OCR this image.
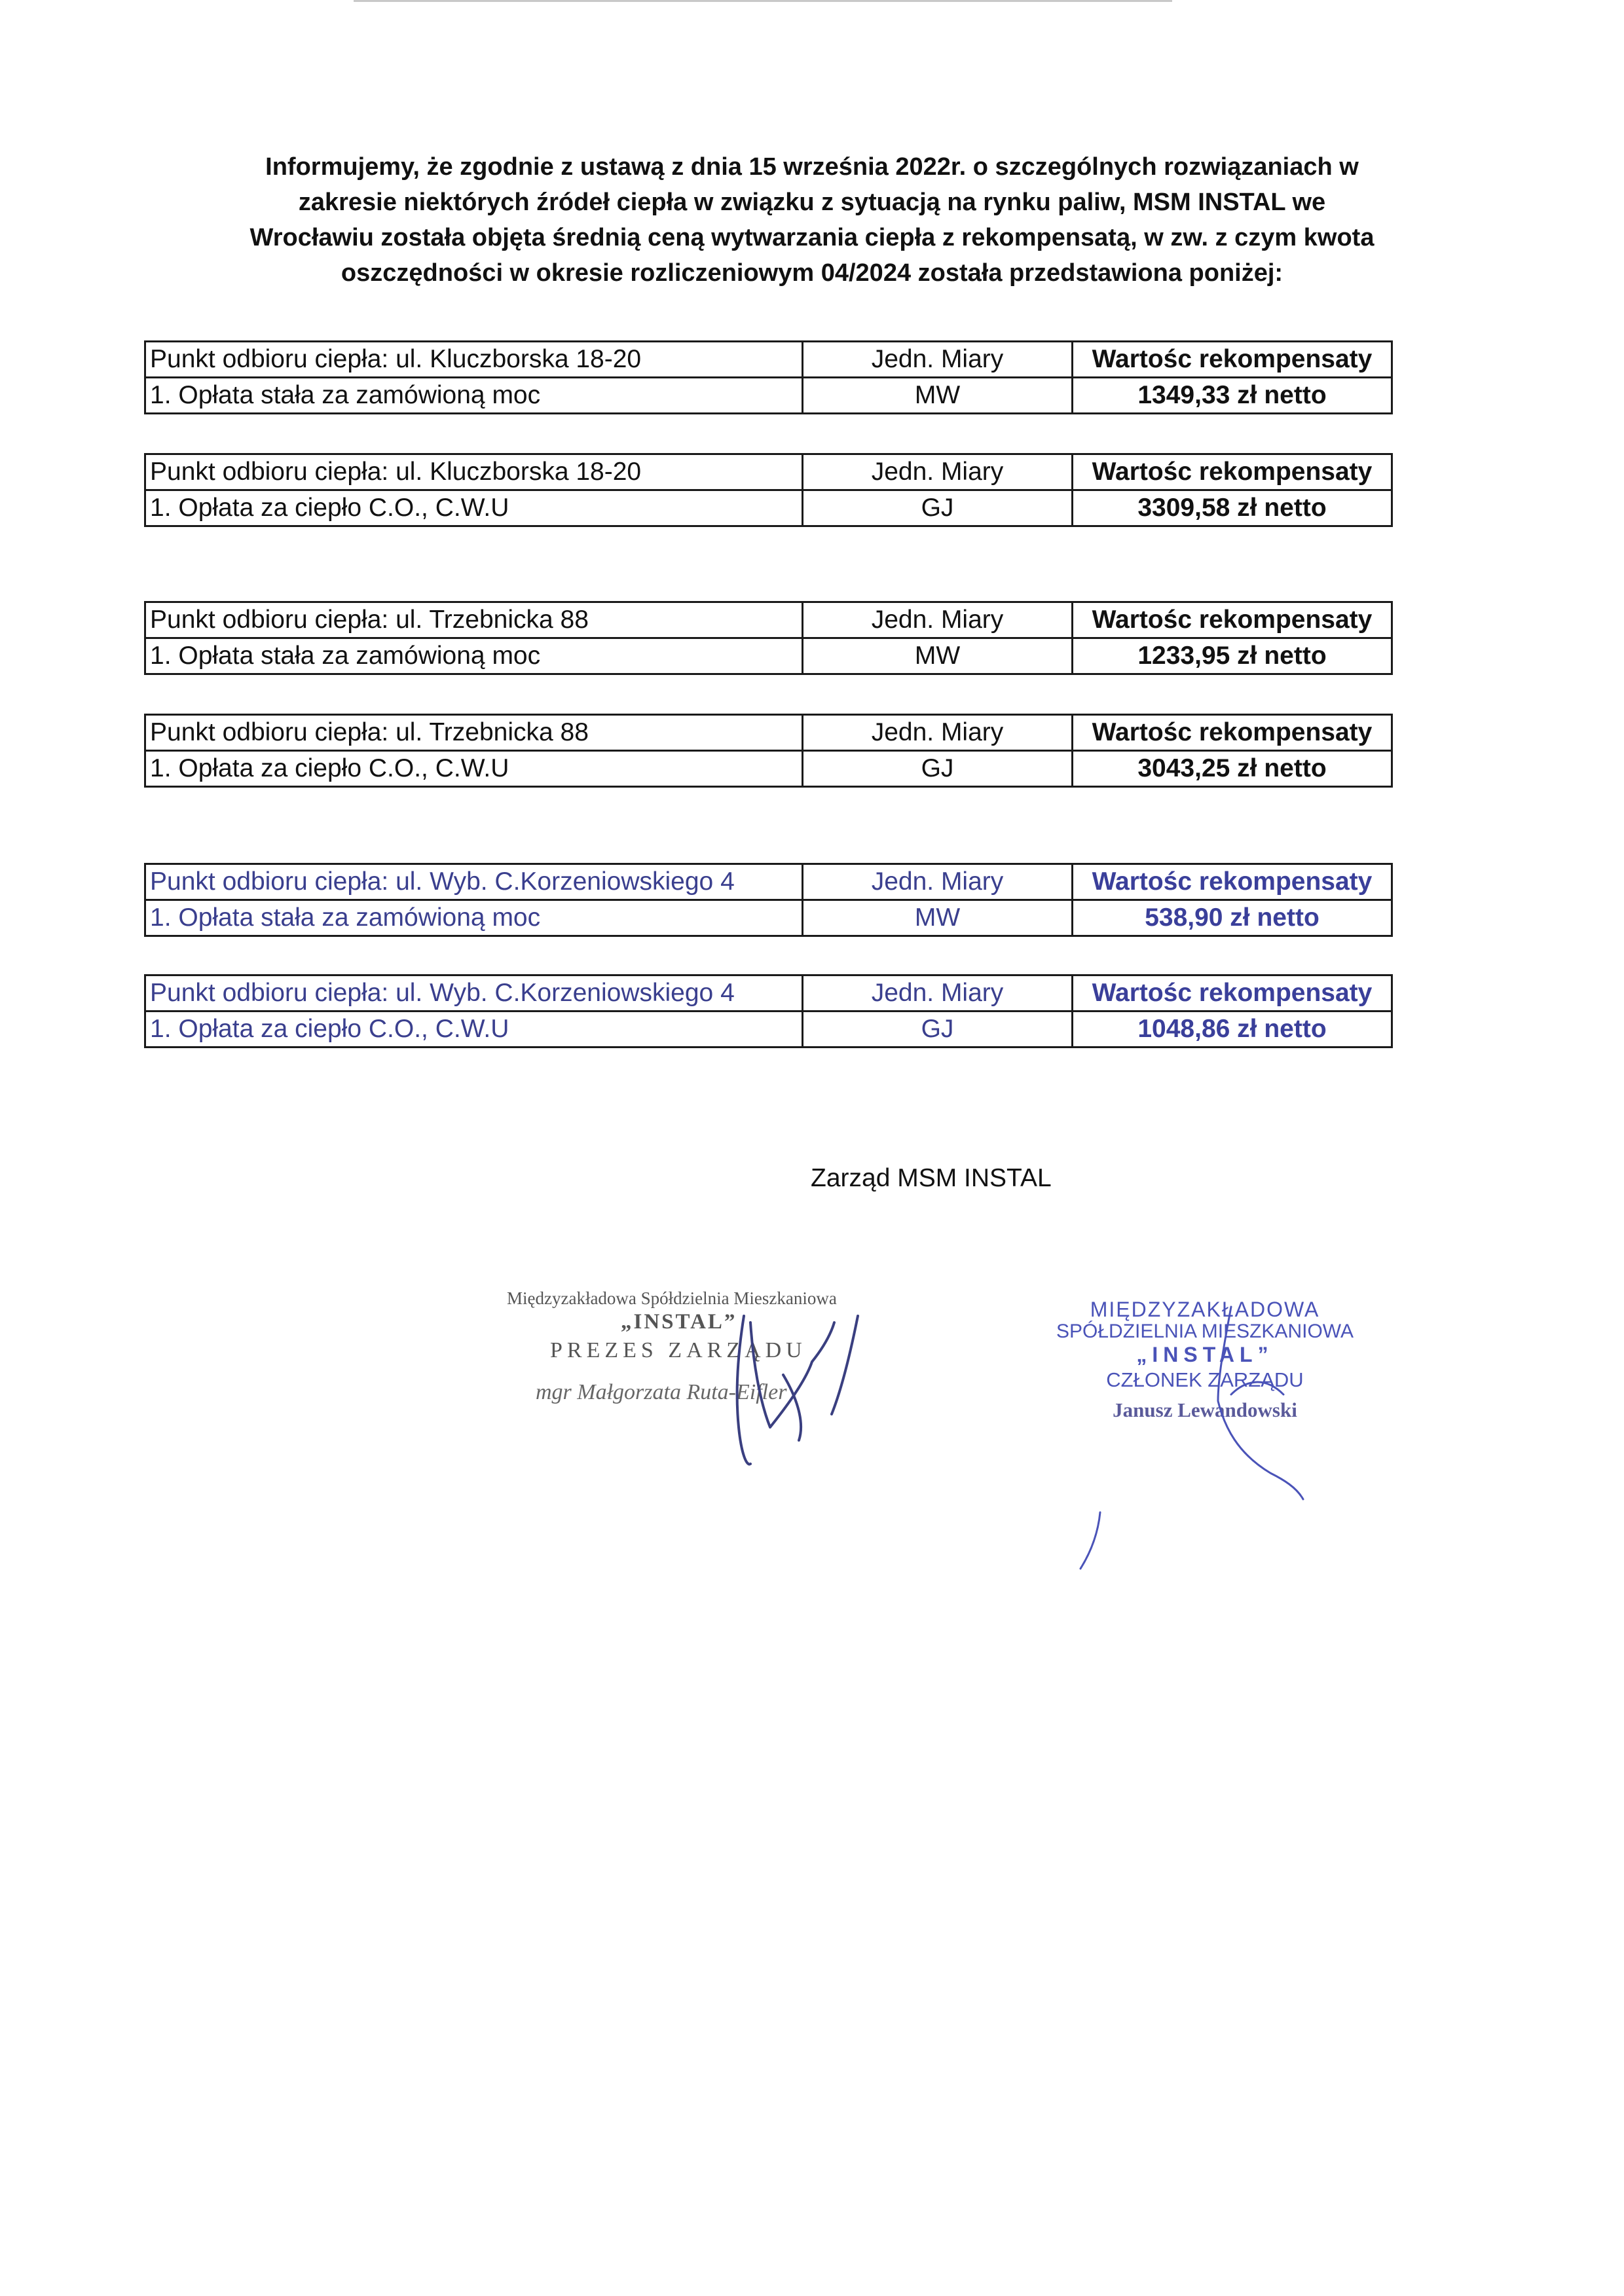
Informujemy, że zgodnie z ustawą z dnia 15 września 2022r. o szczególnych rozwiązaniach w
zakresie niektórych źródeł ciepła w związku z sytuacją na rynku paliw, MSM INSTAL we
Wrocławiu została objęta średnią ceną wytwarzania ciepła z rekompensatą, w zw. z czym kwota
oszczędności w okresie rozliczeniowym 04/2024 została przedstawiona poniżej:

Punkt odbioru ciepła: ul. Kluczborska 18-20	Jedn. Miary	Wartośc rekompensaty
1. Opłata stała za zamówioną moc	MW	1349,33 zł netto
Punkt odbioru ciepła: ul. Kluczborska 18-20	Jedn. Miary	Wartośc rekompensaty
1. Opłata za ciepło C.O., C.W.U	GJ	3309,58 zł netto
Punkt odbioru ciepła: ul. Trzebnicka 88	Jedn. Miary	Wartośc rekompensaty
1. Opłata stała za zamówioną moc	MW	1233,95 zł netto
Punkt odbioru ciepła: ul. Trzebnicka 88	Jedn. Miary	Wartośc rekompensaty
1. Opłata za ciepło C.O., C.W.U	GJ	3043,25 zł netto
Punkt odbioru ciepła: ul. Wyb. C.Korzeniowskiego 4	Jedn. Miary	Wartośc rekompensaty
1. Opłata stała za zamówioną moc	MW	538,90 zł netto
Punkt odbioru ciepła: ul. Wyb. C.Korzeniowskiego 4	Jedn. Miary	Wartośc rekompensaty
1. Opłata za ciepło C.O., C.W.U	GJ	1048,86 zł netto

Zarząd MSM INSTAL

Międzyzakładowa Spółdzielnia Mieszkaniowa
„INSTAL”
PREZES ZARZĄDU
mgr Małgorzata Ruta-Eifler
MIĘDZYZAKŁADOWA
SPÓŁDZIELNIA MIESZKANIOWA
„INSTAL”
CZŁONEK ZARZĄDU
Janusz Lewandowski
